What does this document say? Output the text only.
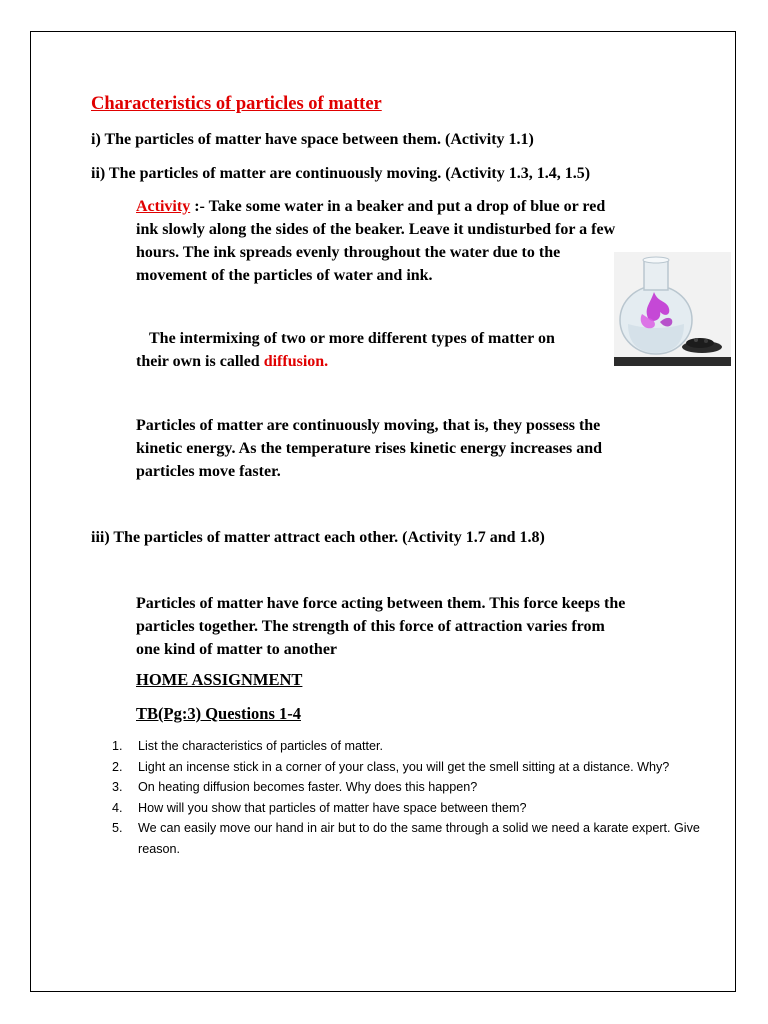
Characteristics of particles of matter
i) The particles of matter have space between them. (Activity 1.1)
ii) The particles of matter are continuously moving. (Activity 1.3, 1.4, 1.5)
Activity :- Take some water in a beaker and put a drop of blue or red
ink slowly along the sides of the beaker. Leave it undisturbed for a few
hours. The ink spreads evenly throughout the water due to the
movement of the particles of water and ink.
The intermixing of two or more different types of matter on
their own is called diffusion.
Particles of matter are continuously moving, that is, they possess the
kinetic energy. As the temperature rises kinetic energy increases and
particles move faster.
iii) The particles of matter attract each other. (Activity 1.7 and 1.8)
Particles of matter have force acting between them. This force keeps the
particles together. The strength of this force of attraction varies from
one kind of matter to another
HOME ASSIGNMENT
TB(Pg:3) Questions 1-4
1. List the characteristics of particles of matter.
2. Light an incense stick in a corner of your class, you will get the smell sitting at a distance. Why?
3. On heating diffusion becomes faster. Why does this happen?
4. How will you show that particles of matter have space between them?
5. We can easily move our hand in air but to do the same through a solid we need a karate expert. Give reason.
